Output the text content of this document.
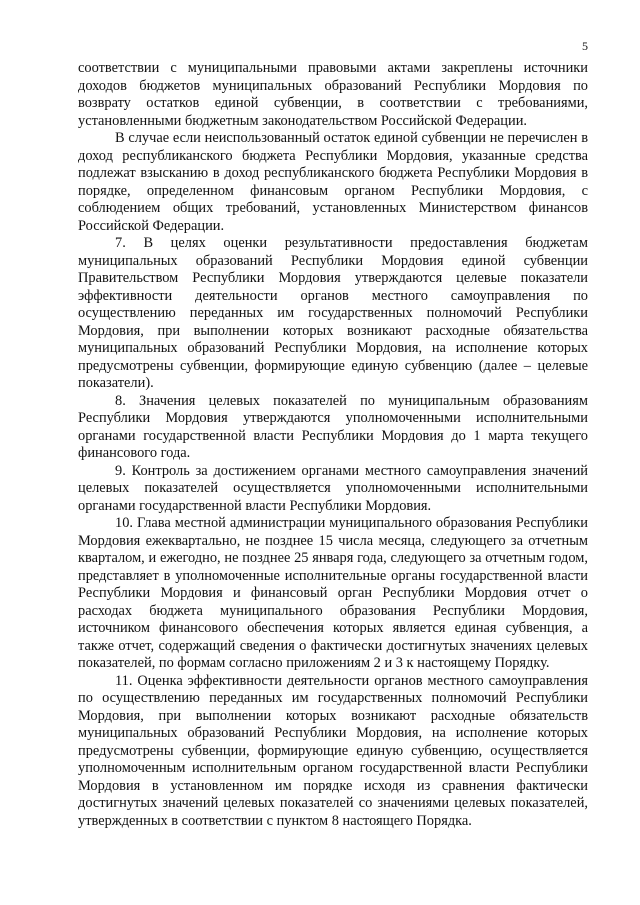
5

соответствии с муниципальными правовыми актами закреплены источники доходов бюджетов муниципальных образований Республики Мордовия по возврату остатков единой субвенции, в соответствии с требованиями, установленными бюджетным законодательством Российской Федерации.

В случае если неиспользованный остаток единой субвенции не перечислен в доход республиканского бюджета Республики Мордовия, указанные средства подлежат взысканию в доход республиканского бюджета Республики Мордовия в порядке, определенном финансовым органом Республики Мордовия, с соблюдением общих требований, установленных Министерством финансов Российской Федерации.

7. В целях оценки результативности предоставления бюджетам муниципальных образований Республики Мордовия единой субвенции Правительством Республики Мордовия утверждаются целевые показатели эффективности деятельности органов местного самоуправления по осуществлению переданных им государственных полномочий Республики Мордовия, при выполнении которых возникают расходные обязательства муниципальных образований Республики Мордовия, на исполнение которых предусмотрены субвенции, формирующие единую субвенцию (далее – целевые показатели).

8. Значения целевых показателей по муниципальным образованиям Республики Мордовия утверждаются уполномоченными исполнительными органами государственной власти Республики Мордовия до 1 марта текущего финансового года.

9. Контроль за достижением органами местного самоуправления значений целевых показателей осуществляется уполномоченными исполнительными органами государственной власти Республики Мордовия.

10. Глава местной администрации муниципального образования Республики Мордовия ежеквартально, не позднее 15 числа месяца, следующего за отчетным кварталом, и ежегодно, не позднее 25 января года, следующего за отчетным годом, представляет в уполномоченные исполнительные органы государственной власти Республики Мордовия и финансовый орган Республики Мордовия отчет о расходах бюджета муниципального образования Республики Мордовия, источником финансового обеспечения которых является единая субвенция, а также отчет, содержащий сведения о фактически достигнутых значениях целевых показателей, по формам согласно приложениям 2 и 3 к настоящему Порядку.

11. Оценка эффективности деятельности органов местного самоуправления по осуществлению переданных им государственных полномочий Республики Мордовия, при выполнении которых возникают расходные обязательств муниципальных образований Республики Мордовия, на исполнение которых предусмотрены субвенции, формирующие единую субвенцию, осуществляется уполномоченным исполнительным органом государственной власти Республики Мордовия в установленном им порядке исходя из сравнения фактически достигнутых значений целевых показателей со значениями целевых показателей, утвержденных в соответствии с пунктом 8 настоящего Порядка.
